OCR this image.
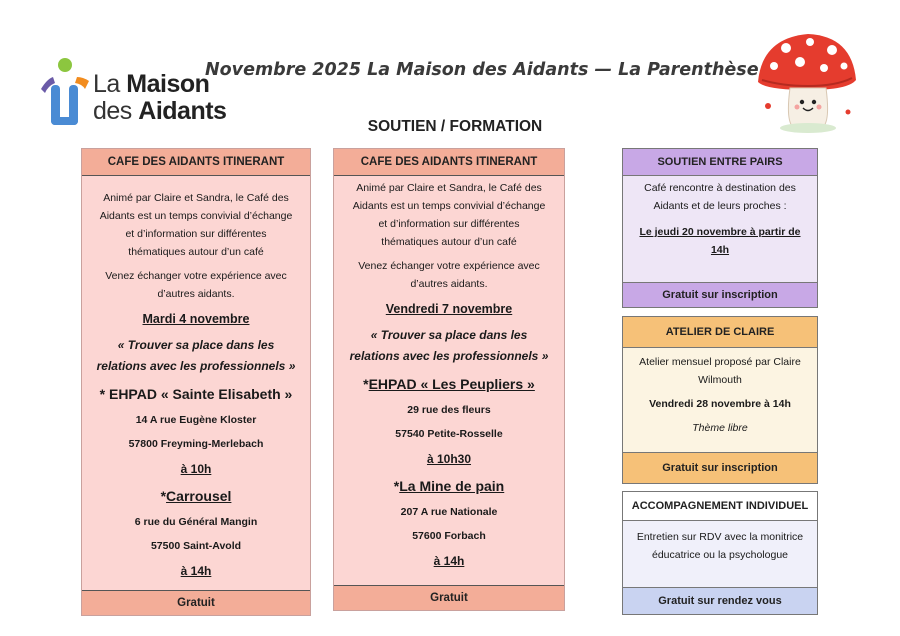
La Maison
des Aidants
Novembre 2025 La Maison des Aidants — La Parenthèse
SOUTIEN / FORMATION
CAFE DES AIDANTS ITINERANT

Animé par Claire et Sandra, le Café des

Aidants est un temps convivial d’échange

et d’information sur différentes

thématiques autour d’un café

Venez échanger votre expérience avec

d’autres aidants.

Mardi 4 novembre

« Trouver sa place dans les

relations avec les professionnels »

* EHPAD « Sainte Elisabeth »

14 A rue Eugène Kloster

57800 Freyming-Merlebach

à 10h

*Carrousel

6 rue du Général Mangin

57500 Saint-Avold

à 14h

Gratuit
CAFE DES AIDANTS ITINERANT

Animé par Claire et Sandra, le Café des

Aidants est un temps convivial d’échange

et d’information sur différentes

thématiques autour d’un café

Venez échanger votre expérience avec

d’autres aidants.

Vendredi 7 novembre

« Trouver sa place dans les

relations avec les professionnels »

*EHPAD « Les Peupliers »

29 rue des fleurs

57540 Petite-Rosselle

à 10h30

*La Mine de pain

207 A rue Nationale

57600 Forbach

à 14h

Gratuit
SOUTIEN ENTRE PAIRS

Café rencontre à destination des

Aidants et de leurs proches :

Le jeudi 20 novembre à partir de

14h

Gratuit sur inscription
ATELIER DE CLAIRE

Atelier mensuel proposé par Claire

Wilmouth

Vendredi 28 novembre à 14h

Thème libre

Gratuit sur inscription
ACCOMPAGNEMENT INDIVIDUEL

Entretien sur RDV avec la monitrice

éducatrice ou la psychologue

Gratuit sur rendez vous
